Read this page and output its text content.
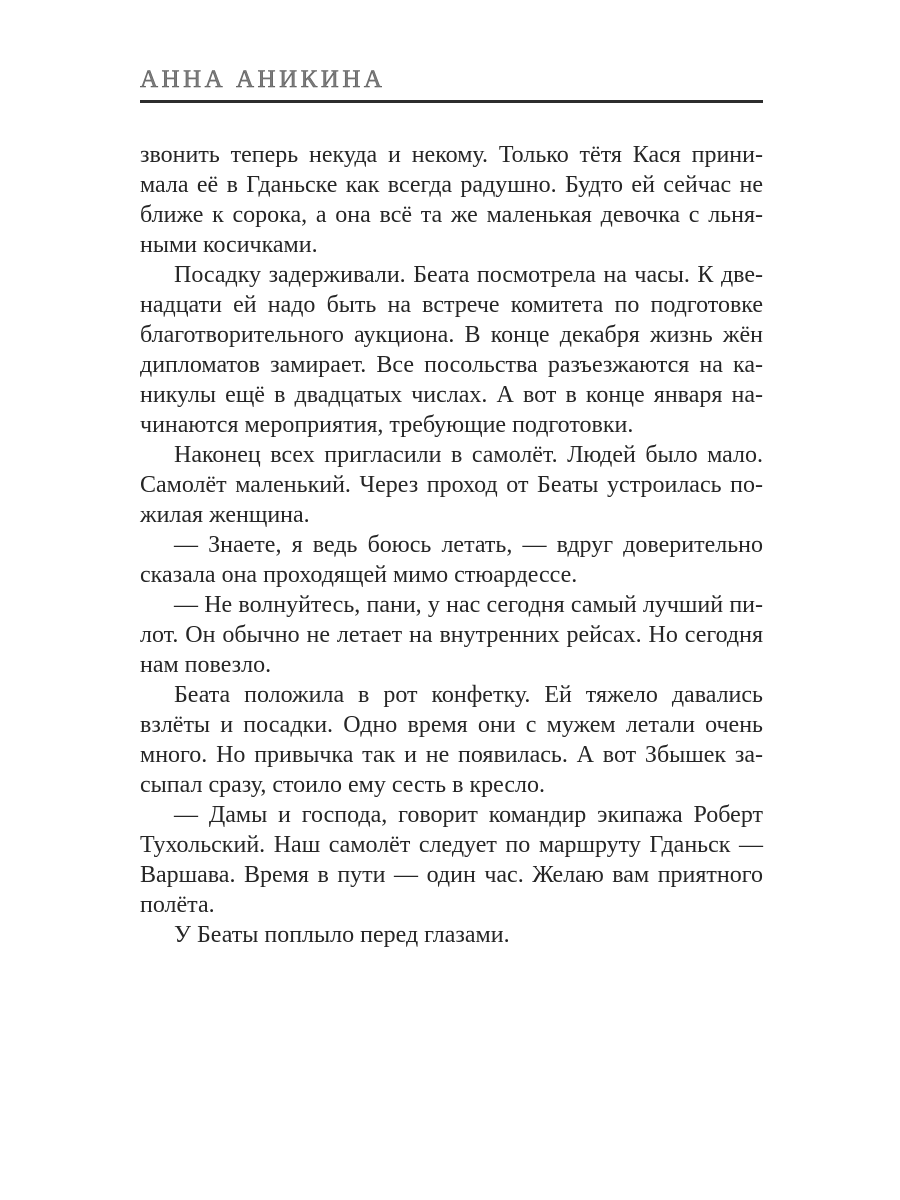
АННА АНИКИНА
звонить теперь некуда и некому. Только тётя Кася прини-
мала её в Гданьске как всегда радушно. Будто ей сейчас не
ближе к сорока, а она всё та же маленькая девочка с льня-
ными косичками.
Посадку задерживали. Беата посмотрела на часы. К две-
надцати ей надо быть на встрече комитета по подготовке
благотворительного аукциона. В конце декабря жизнь жён
дипломатов замирает. Все посольства разъезжаются на ка-
никулы ещё в двадцатых числах. А вот в конце января на-
чинаются мероприятия, требующие подготовки.
Наконец всех пригласили в самолёт. Людей было мало.
Самолёт маленький. Через проход от Беаты устроилась по-
жилая женщина.
— Знаете, я ведь боюсь летать, — вдруг доверительно
сказала она проходящей мимо стюардессе.
— Не волнуйтесь, пани, у нас сегодня самый лучший пи-
лот. Он обычно не летает на внутренних рейсах. Но сегодня
нам повезло.
Беата положила в рот конфетку. Ей тяжело давались
взлёты и посадки. Одно время они с мужем летали очень
много. Но привычка так и не появилась. А вот Збышек за-
сыпал сразу, стоило ему сесть в кресло.
— Дамы и господа, говорит командир экипажа Роберт
Тухольский. Наш самолёт следует по маршруту Гданьск —
Варшава. Время в пути — один час. Желаю вам приятного
полёта.
У Беаты поплыло перед глазами.
